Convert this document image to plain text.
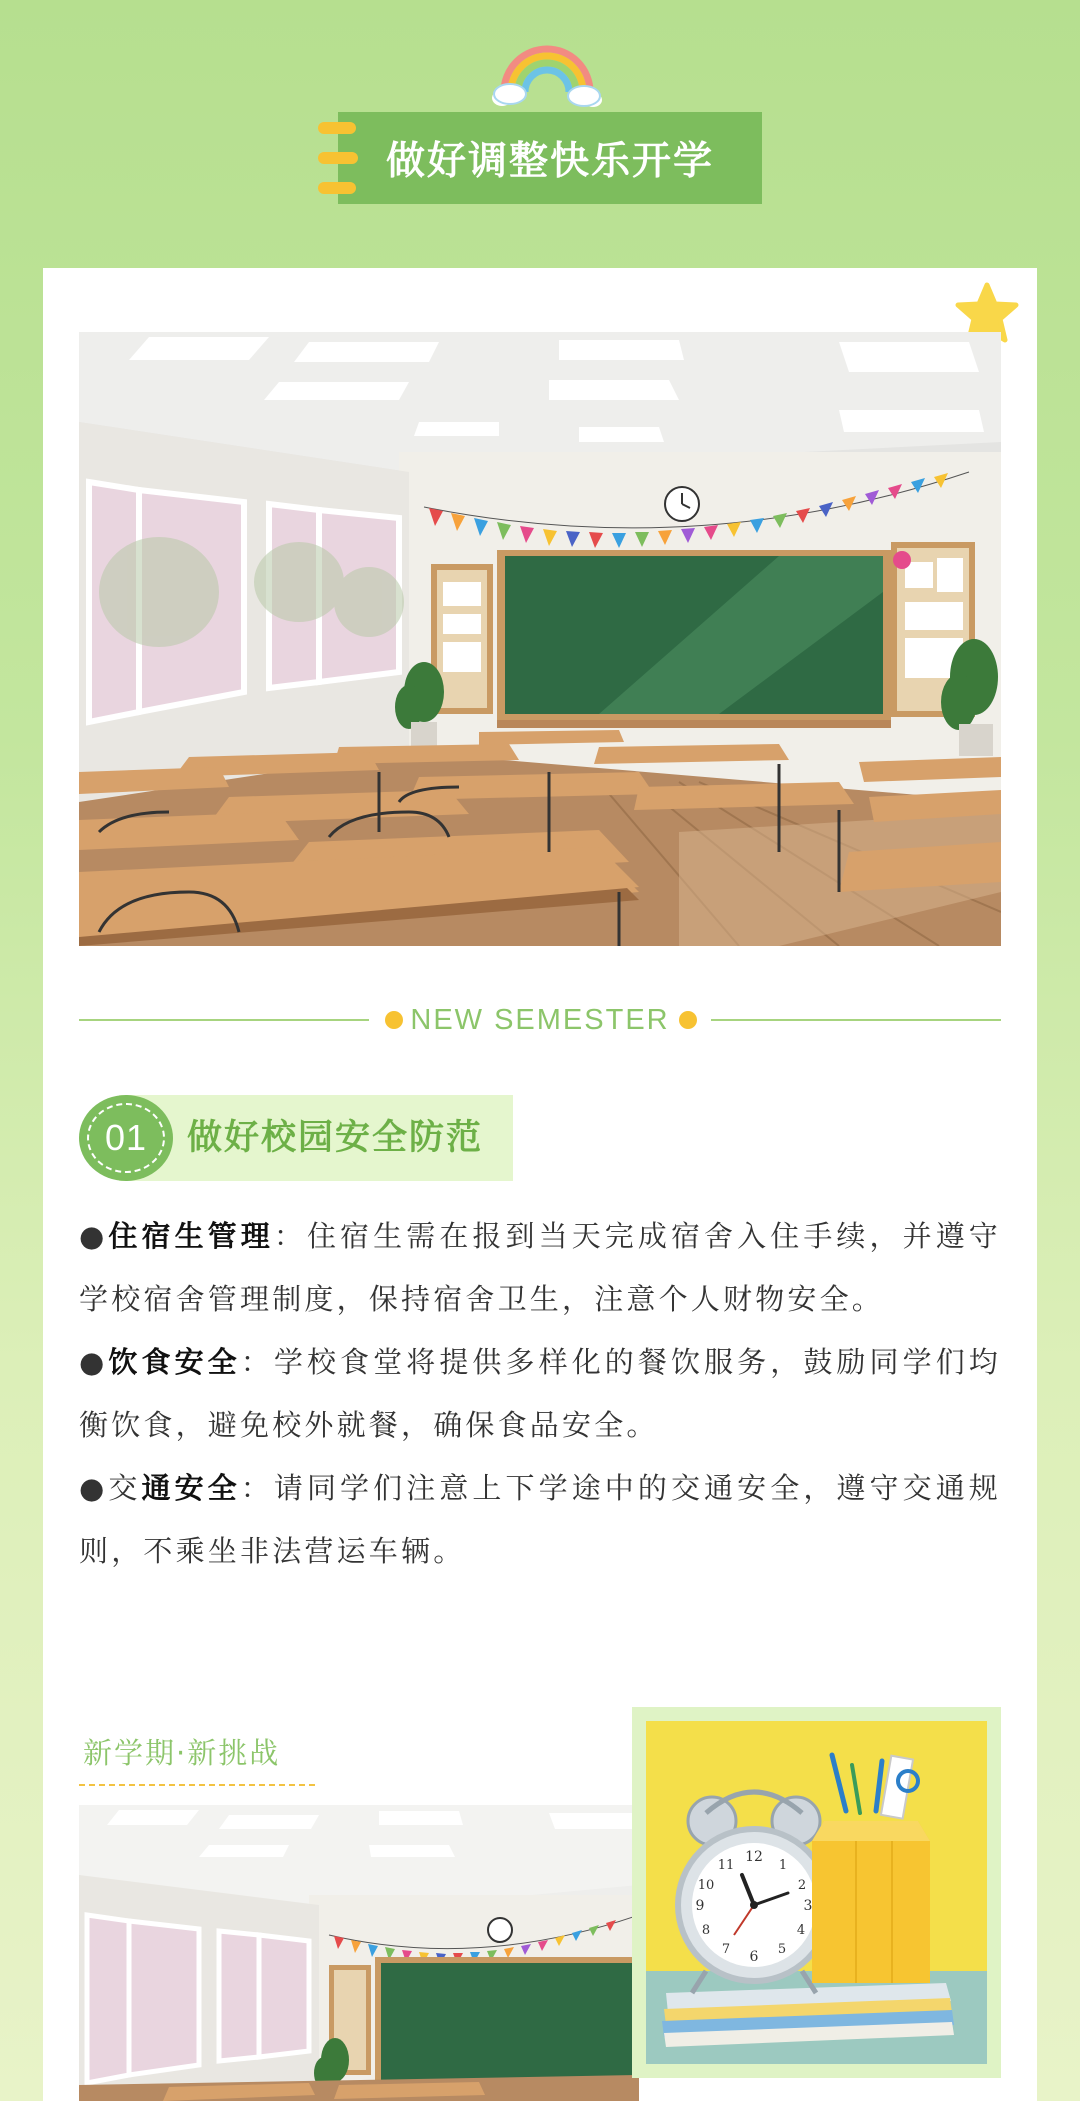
做好调整快乐开学
NEW SEMESTER
01	做好校园安全防范

●住宿生管理：住宿生需在报到当天完成宿舍入住手续，并遵守学校宿舍管理制度，保持宿舍卫生，注意个人财物安全。

●饮食安全：学校食堂将提供多样化的餐饮服务，鼓励同学们均衡饮食，避免校外就餐，确保食品安全。

●交通安全：请同学们注意上下学途中的交通安全，遵守交通规则，不乘坐非法营运车辆。

新学期·新挑战
12
1
2
3
4
5
6
7
8
9
10
11
